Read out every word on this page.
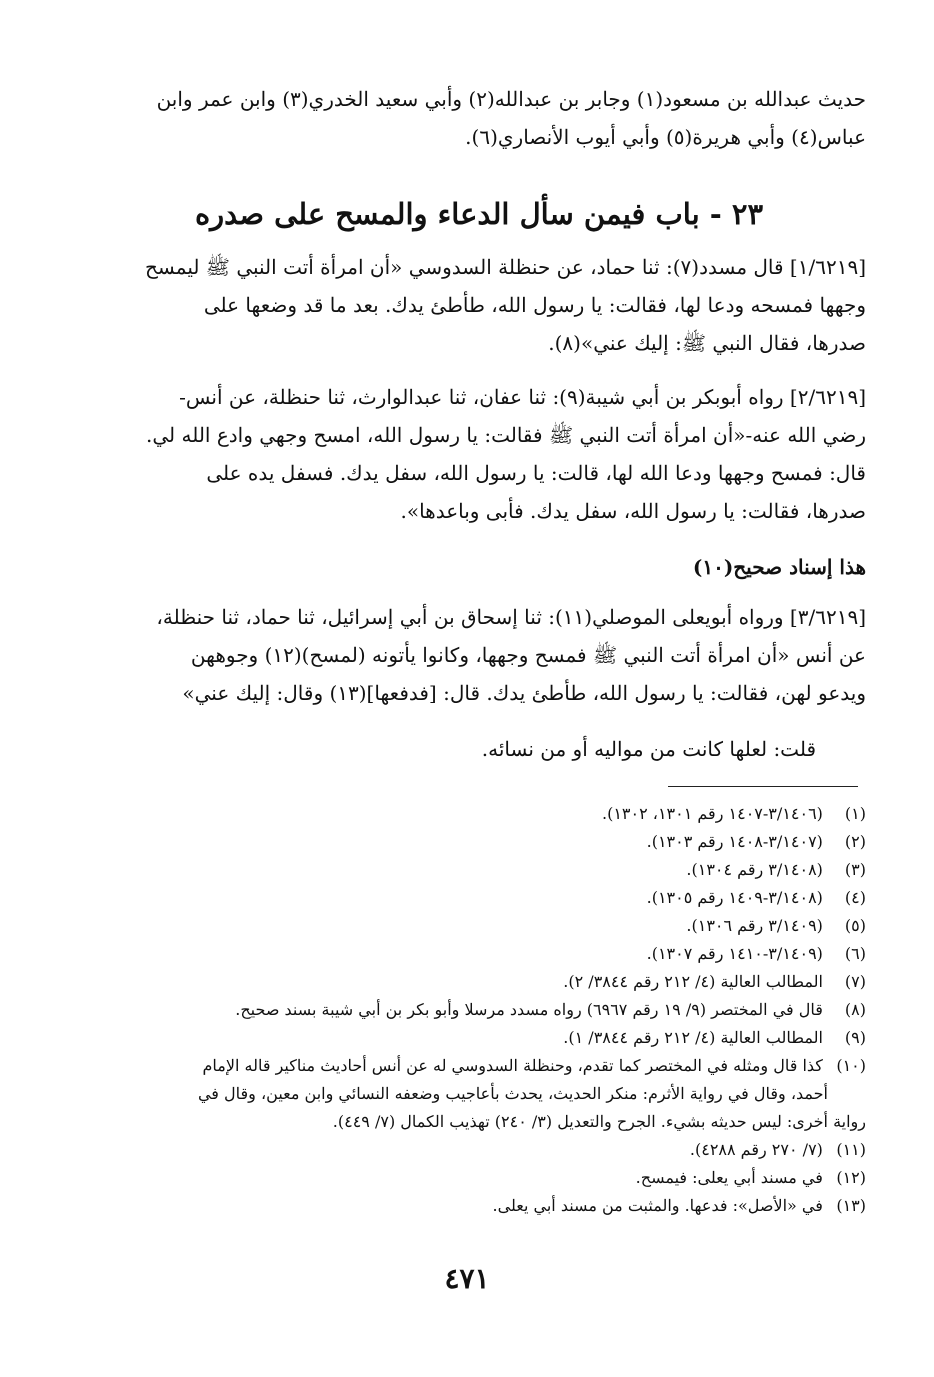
حديث عبدالله بن مسعود(١) وجابر بن عبدالله(٢) وأبي سعيد الخدري(٣) وابن عمر وابن
عباس(٤) وأبي هريرة(٥) وأبي أيوب الأنصاري(٦).
٢٣ - باب فيمن سأل الدعاء والمسح على صدره
[١/٦٢١٩] قال مسدد(٧): ثنا حماد، عن حنظلة السدوسي «أن امرأة أتت النبي ﷺ ليمسح
وجهها فمسحه ودعا لها، فقالت: يا رسول الله، طأطئ يدك. بعد ما قد وضعها على
صدرها، فقال النبي ﷺ: إليك عني»(٨).
[٢/٦٢١٩] رواه أبوبكر بن أبي شيبة(٩): ثنا عفان، ثنا عبدالوارث، ثنا حنظلة، عن أنس-
رضي الله عنه-«أن امرأة أتت النبي ﷺ فقالت: يا رسول الله، امسح وجهي وادع الله لي.
قال: فمسح وجهها ودعا الله لها، قالت: يا رسول الله، سفل يدك. فسفل يده على
صدرها، فقالت: يا رسول الله، سفل يدك. فأبى وباعدها».
هذا إسناد صحيح(١٠)
[٣/٦٢١٩] ورواه أبويعلى الموصلي(١١): ثنا إسحاق بن أبي إسرائيل، ثنا حماد، ثنا حنظلة،
عن أنس «أن امرأة أتت النبي ﷺ فمسح وجهها، وكانوا يأتونه (لمسح)(١٢) وجوههن
ويدعو لهن، فقالت: يا رسول الله، طأطئ يدك. قال: [فدفعها](١٣) وقال: إليك عني»
قلت: لعلها كانت من مواليه أو من نسائه.
(١) (٣/١٤٠٦-١٤٠٧ رقم ١٣٠١، ١٣٠٢).
(٢) (٣/١٤٠٧-١٤٠٨ رقم ١٣٠٣).
(٣) (٣/١٤٠٨ رقم ١٣٠٤).
(٤) (٣/١٤٠٨-١٤٠٩ رقم ١٣٠٥).
(٥) (٣/١٤٠٩ رقم ١٣٠٦).
(٦) (٣/١٤٠٩-١٤١٠ رقم ١٣٠٧).
(٧) المطالب العالية (٤/ ٢١٢ رقم ٣٨٤٤/ ٢).
(٨) قال في المختصر (٩/ ١٩ رقم ٦٩٦٧) رواه مسدد مرسلا وأبو بكر بن أبي شيبة بسند صحيح.
(٩) المطالب العالية (٤/ ٢١٢ رقم ٣٨٤٤/ ١).
(١٠) كذا قال ومثله في المختصر كما تقدم، وحنظلة السدوسي له عن أنس أحاديث مناكير قاله الإمام
أحمد، وقال في رواية الأثرم: منكر الحديث، يحدث بأعاجيب وضعفه النسائي وابن معين، وقال في
رواية أخرى: ليس حديثه بشيء. الجرح والتعديل (٣/ ٢٤٠) تهذيب الكمال (٧/ ٤٤٩).
(١١) (٧/ ٢٧٠ رقم ٤٢٨٨).
(١٢) في مسند أبي يعلى: فيمسح.
(١٣) في «الأصل»: فدعها. والمثبت من مسند أبي يعلى.
٤٧١
